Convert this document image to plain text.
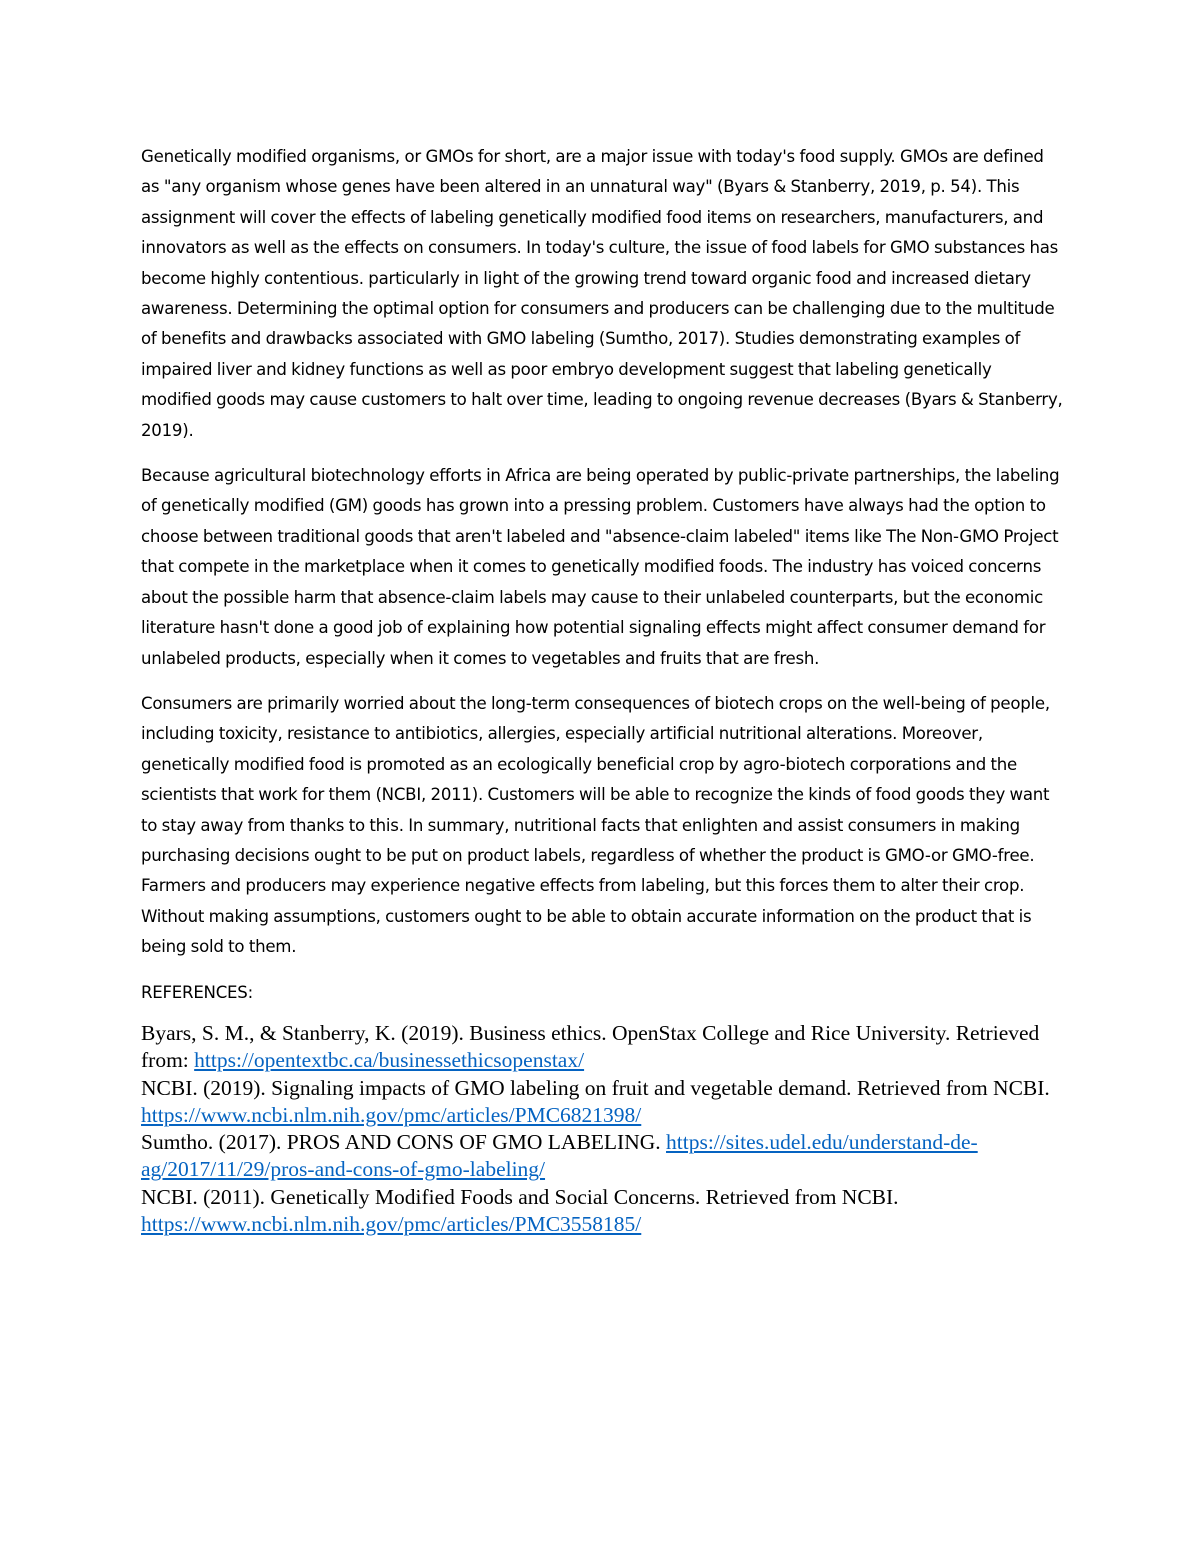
Genetically modified organisms, or GMOs for short, are a major issue with today's food supply. GMOs are defined as "any organism whose genes have been altered in an unnatural way" (Byars & Stanberry, 2019, p. 54). This assignment will cover the effects of labeling genetically modified food items on researchers, manufacturers, and innovators as well as the effects on consumers. In today's culture, the issue of food labels for GMO substances has become highly contentious. particularly in light of the growing trend toward organic food and increased dietary awareness. Determining the optimal option for consumers and producers can be challenging due to the multitude of benefits and drawbacks associated with GMO labeling (Sumtho, 2017). Studies demonstrating examples of impaired liver and kidney functions as well as poor embryo development suggest that labeling genetically modified goods may cause customers to halt over time, leading to ongoing revenue decreases (Byars & Stanberry, 2019).

Because agricultural biotechnology efforts in Africa are being operated by public-private partnerships, the labeling of genetically modified (GM) goods has grown into a pressing problem. Customers have always had the option to choose between traditional goods that aren't labeled and "absence-claim labeled" items like The Non-GMO Project that compete in the marketplace when it comes to genetically modified foods. The industry has voiced concerns about the possible harm that absence-claim labels may cause to their unlabeled counterparts, but the economic literature hasn't done a good job of explaining how potential signaling effects might affect consumer demand for unlabeled products, especially when it comes to vegetables and fruits that are fresh.

Consumers are primarily worried about the long-term consequences of biotech crops on the well-being of people, including toxicity, resistance to antibiotics, allergies, especially artificial nutritional alterations. Moreover, genetically modified food is promoted as an ecologically beneficial crop by agro-biotech corporations and the scientists that work for them (NCBI, 2011). Customers will be able to recognize the kinds of food goods they want to stay away from thanks to this. In summary, nutritional facts that enlighten and assist consumers in making purchasing decisions ought to be put on product labels, regardless of whether the product is GMO-or GMO-free. Farmers and producers may experience negative effects from labeling, but this forces them to alter their crop. Without making assumptions, customers ought to be able to obtain accurate information on the product that is being sold to them.

REFERENCES:

Byars, S. M., & Stanberry, K. (2019). Business ethics. OpenStax College and Rice University. Retrieved from: https://opentextbc.ca/businessethicsopenstax/
NCBI. (2019). Signaling impacts of GMO labeling on fruit and vegetable demand. Retrieved from NCBI. https://www.ncbi.nlm.nih.gov/pmc/articles/PMC6821398/
Sumtho. (2017). PROS AND CONS OF GMO LABELING. https://sites.udel.edu/understand-de-ag/2017/11/29/pros-and-cons-of-gmo-labeling/
NCBI. (2011). Genetically Modified Foods and Social Concerns. Retrieved from NCBI. https://www.ncbi.nlm.nih.gov/pmc/articles/PMC3558185/
